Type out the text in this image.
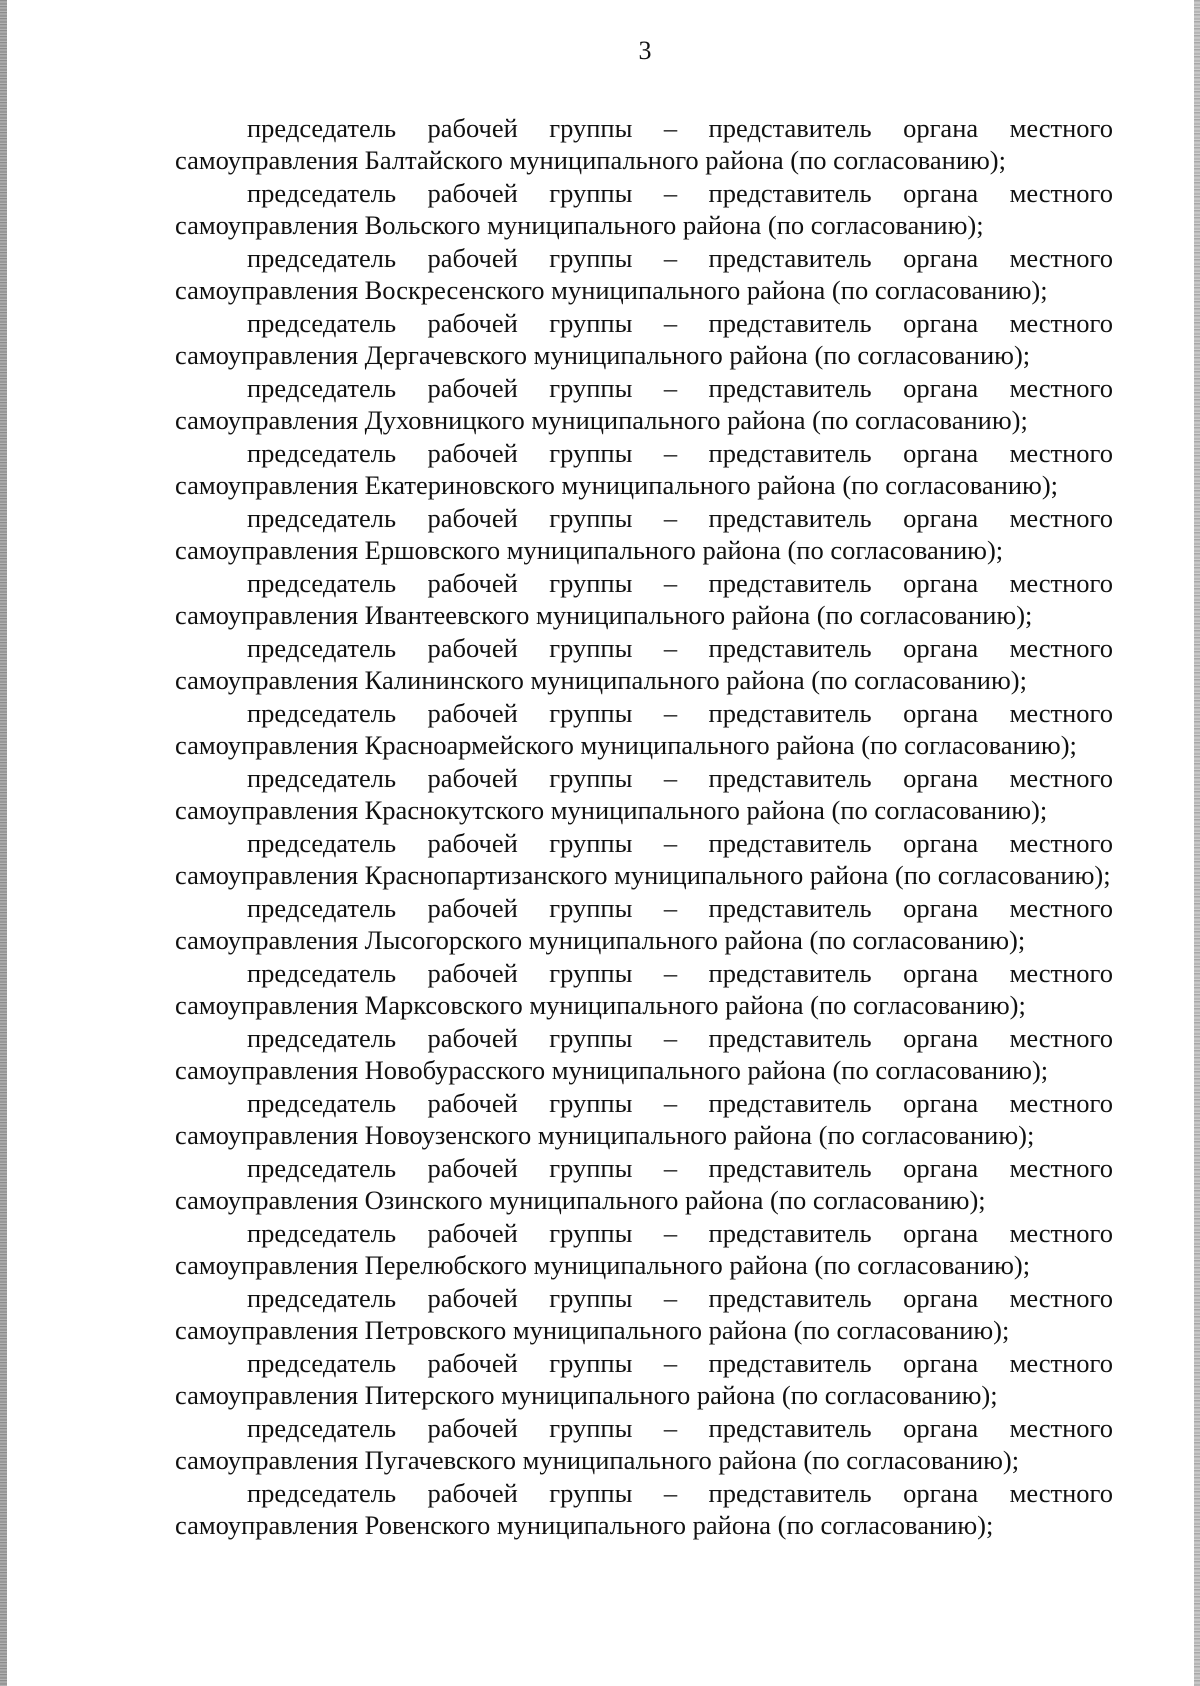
3
председатель рабочей группы – представитель органа местного
самоуправления Балтайского муниципального района (по согласованию);
председатель рабочей группы – представитель органа местного
самоуправления Вольского муниципального района (по согласованию);
председатель рабочей группы – представитель органа местного
самоуправления Воскресенского муниципального района (по согласованию);
председатель рабочей группы – представитель органа местного
самоуправления Дергачевского муниципального района (по согласованию);
председатель рабочей группы – представитель органа местного
самоуправления Духовницкого муниципального района (по согласованию);
председатель рабочей группы – представитель органа местного
самоуправления Екатериновского муниципального района (по согласованию);
председатель рабочей группы – представитель органа местного
самоуправления Ершовского муниципального района (по согласованию);
председатель рабочей группы – представитель органа местного
самоуправления Ивантеевского муниципального района (по согласованию);
председатель рабочей группы – представитель органа местного
самоуправления Калининского муниципального района (по согласованию);
председатель рабочей группы – представитель органа местного
самоуправления Красноармейского муниципального района (по согласованию);
председатель рабочей группы – представитель органа местного
самоуправления Краснокутского муниципального района (по согласованию);
председатель рабочей группы – представитель органа местного
самоуправления Краснопартизанского муниципального района (по согласованию);
председатель рабочей группы – представитель органа местного
самоуправления Лысогорского муниципального района (по согласованию);
председатель рабочей группы – представитель органа местного
самоуправления Марксовского муниципального района (по согласованию);
председатель рабочей группы – представитель органа местного
самоуправления Новобурасского муниципального района (по согласованию);
председатель рабочей группы – представитель органа местного
самоуправления Новоузенского муниципального района (по согласованию);
председатель рабочей группы – представитель органа местного
самоуправления Озинского муниципального района (по согласованию);
председатель рабочей группы – представитель органа местного
самоуправления Перелюбского муниципального района (по согласованию);
председатель рабочей группы – представитель органа местного
самоуправления Петровского муниципального района (по согласованию);
председатель рабочей группы – представитель органа местного
самоуправления Питерского муниципального района (по согласованию);
председатель рабочей группы – представитель органа местного
самоуправления Пугачевского муниципального района (по согласованию);
председатель рабочей группы – представитель органа местного
самоуправления Ровенского муниципального района (по согласованию);
